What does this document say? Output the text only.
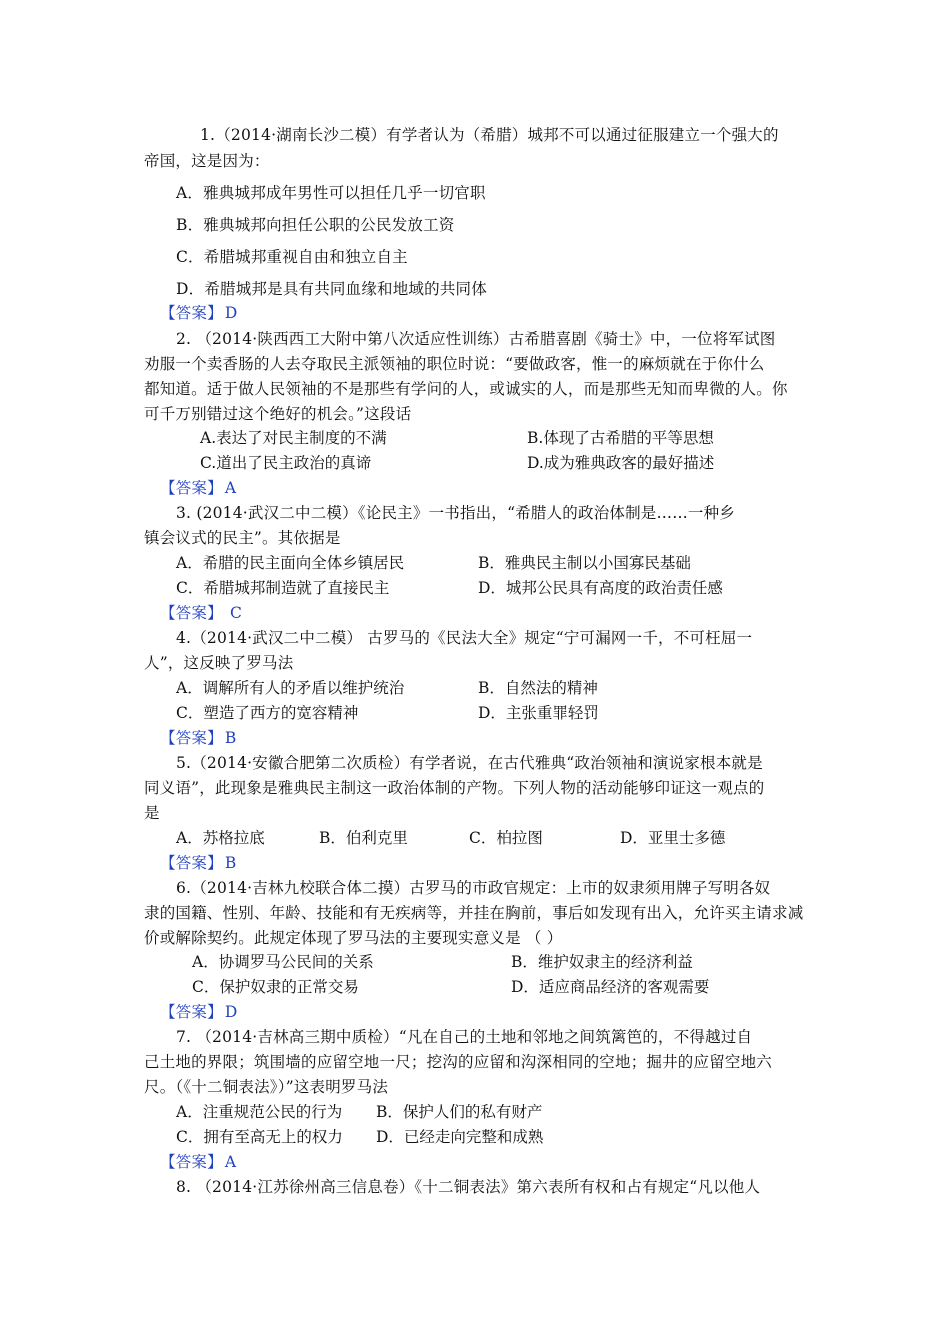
1.（2014·湖南长沙二模）有学者认为（希腊）城邦不可以通过征服建立一个强大的
帝国，这是因为：
A．雅典城邦成年男性可以担任几乎一切官职
B．雅典城邦向担任公职的公民发放工资
C．希腊城邦重视自由和独立自主
D．希腊城邦是具有共同血缘和地域的共同体
【答案】 D
2. （2014·陕西西工大附中第八次适应性训练）古希腊喜剧《骑士》中，一位将军试图
劝服一个卖香肠的人去夺取民主派领袖的职位时说：“要做政客，惟一的麻烦就在于你什么
都知道。适于做人民领袖的不是那些有学问的人，或诚实的人，而是那些无知而卑微的人。你
可千万别错过这个绝好的机会。”这段话
A.表达了对民主制度的不满	B.体现了古希腊的平等思想
C.道出了民主政治的真谛	D.成为雅典政客的最好描述
【答案】 A
3. (2014·武汉二中二模）《论民主》一书指出，“希腊人的政治体制是……一种乡
镇会议式的民主”。其依据是
A．希腊的民主面向全体乡镇居民	B．雅典民主制以小国寡民基础
C．希腊城邦制造就了直接民主	D．城邦公民具有高度的政治责任感
【答案】 C
4.（2014·武汉二中二模） 古罗马的《民法大全》规定“宁可漏网一千，不可枉屈一
人”，这反映了罗马法
A．调解所有人的矛盾以维护统治	B．自然法的精神
C．塑造了西方的宽容精神	D．主张重罪轻罚
【答案】 B
5.（2014·安徽合肥第二次质检）有学者说，在古代雅典“政治领袖和演说家根本就是
同义语”，此现象是雅典民主制这一政治体制的产物。下列人物的活动能够印证这一观点的
是
A．苏格拉底	B．伯利克里	C．柏拉图	D．亚里士多德
【答案】 B
6.（2014·吉林九校联合体二摸）古罗马的市政官规定：上市的奴隶须用牌子写明各奴
隶的国籍、性别、年龄、技能和有无疾病等，并挂在胸前，事后如发现有出入，允许买主请求减
价或解除契约。此规定体现了罗马法的主要现实意义是 （ ）
A．协调罗马公民间的关系	B．维护奴隶主的经济利益
C．保护奴隶的正常交易	D．适应商品经济的客观需要
【答案】 D
7. （2014·吉林高三期中质检）“凡在自己的土地和邻地之间筑篱笆的，不得越过自
己土地的界限；筑围墙的应留空地一尺；挖沟的应留和沟深相同的空地；掘井的应留空地六
尺。（《十二铜表法》）”这表明罗马法
A．注重规范公民的行为 B．保护人们的私有财产
C．拥有至高无上的权力 D．已经走向完整和成熟
【答案】 A
8. （2014·江苏徐州高三信息卷）《十二铜表法》第六表所有权和占有规定“凡以他人
